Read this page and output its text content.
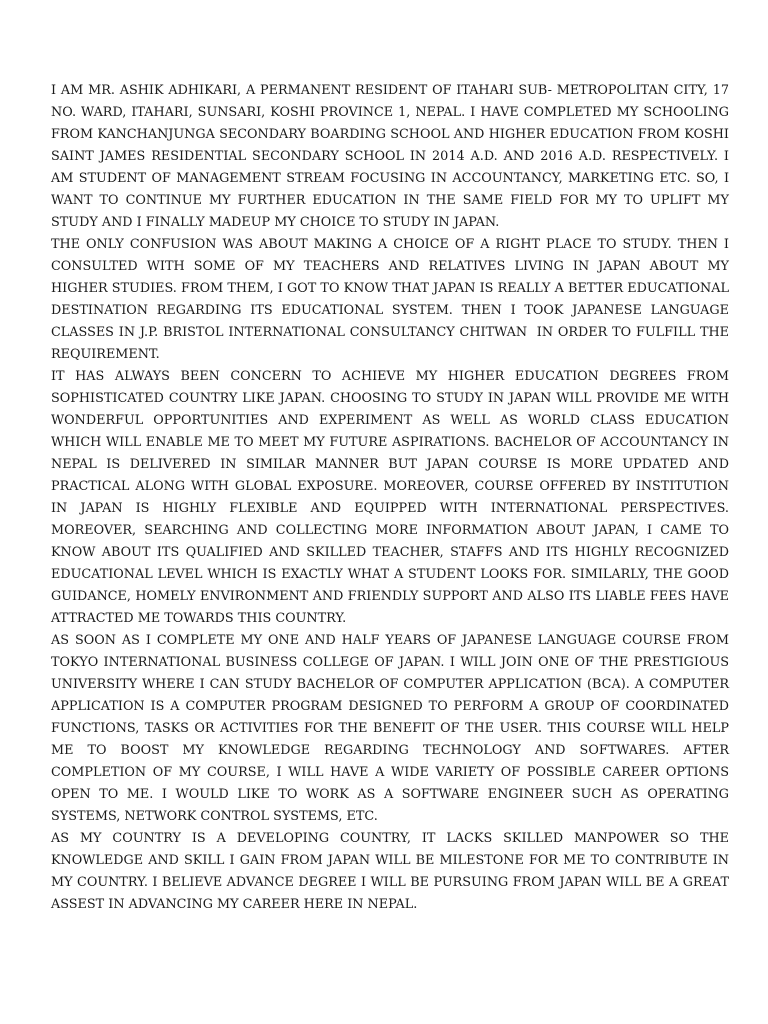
I AM MR. ASHIK ADHIKARI, A PERMANENT RESIDENT OF ITAHARI SUB- METROPOLITAN CITY, 17 NO. WARD, ITAHARI, SUNSARI, KOSHI PROVINCE 1, NEPAL. I HAVE COMPLETED MY SCHOOLING FROM KANCHANJUNGA SECONDARY BOARDING SCHOOL AND HIGHER EDUCATION FROM KOSHI SAINT JAMES RESIDENTIAL SECONDARY SCHOOL IN 2014 A.D. AND 2016 A.D. RESPECTIVELY. I AM STUDENT OF MANAGEMENT STREAM FOCUSING IN ACCOUNTANCY, MARKETING ETC. SO, I WANT TO CONTINUE MY FURTHER EDUCATION IN THE SAME FIELD FOR MY TO UPLIFT MY STUDY AND I FINALLY MADEUP MY CHOICE TO STUDY IN JAPAN.

THE ONLY CONFUSION WAS ABOUT MAKING A CHOICE OF A RIGHT PLACE TO STUDY. THEN I CONSULTED WITH SOME OF MY TEACHERS AND RELATIVES LIVING IN JAPAN ABOUT MY HIGHER STUDIES. FROM THEM, I GOT TO KNOW THAT JAPAN IS REALLY A BETTER EDUCATIONAL DESTINATION REGARDING ITS EDUCATIONAL SYSTEM. THEN I TOOK JAPANESE LANGUAGE CLASSES IN J.P. BRISTOL INTERNATIONAL CONSULTANCY CHITWAN  IN ORDER TO FULFILL THE REQUIREMENT.

IT HAS ALWAYS BEEN CONCERN TO ACHIEVE MY HIGHER EDUCATION DEGREES FROM SOPHISTICATED COUNTRY LIKE JAPAN. CHOOSING TO STUDY IN JAPAN WILL PROVIDE ME WITH WONDERFUL OPPORTUNITIES AND EXPERIMENT AS WELL AS WORLD CLASS EDUCATION WHICH WILL ENABLE ME TO MEET MY FUTURE ASPIRATIONS. BACHELOR OF ACCOUNTANCY IN NEPAL IS DELIVERED IN SIMILAR MANNER BUT JAPAN COURSE IS MORE UPDATED AND PRACTICAL ALONG WITH GLOBAL EXPOSURE. MOREOVER, COURSE OFFERED BY INSTITUTION IN JAPAN IS HIGHLY FLEXIBLE AND EQUIPPED WITH INTERNATIONAL PERSPECTIVES. MOREOVER, SEARCHING AND COLLECTING MORE INFORMATION ABOUT JAPAN, I CAME TO KNOW ABOUT ITS QUALIFIED AND SKILLED TEACHER, STAFFS AND ITS HIGHLY RECOGNIZED EDUCATIONAL LEVEL WHICH IS EXACTLY WHAT A STUDENT LOOKS FOR. SIMILARLY, THE GOOD GUIDANCE, HOMELY ENVIRONMENT AND FRIENDLY SUPPORT AND ALSO ITS LIABLE FEES HAVE ATTRACTED ME TOWARDS THIS COUNTRY.

AS SOON AS I COMPLETE MY ONE AND HALF YEARS OF JAPANESE LANGUAGE COURSE FROM TOKYO INTERNATIONAL BUSINESS COLLEGE OF JAPAN. I WILL JOIN ONE OF THE PRESTIGIOUS UNIVERSITY WHERE I CAN STUDY BACHELOR OF COMPUTER APPLICATION (BCA). A COMPUTER APPLICATION IS A COMPUTER PROGRAM DESIGNED TO PERFORM A GROUP OF COORDINATED FUNCTIONS, TASKS OR ACTIVITIES FOR THE BENEFIT OF THE USER. THIS COURSE WILL HELP ME TO BOOST MY KNOWLEDGE REGARDING TECHNOLOGY AND SOFTWARES. AFTER COMPLETION OF MY COURSE, I WILL HAVE A WIDE VARIETY OF POSSIBLE CAREER OPTIONS OPEN TO ME. I WOULD LIKE TO WORK AS A SOFTWARE ENGINEER SUCH AS OPERATING SYSTEMS, NETWORK CONTROL SYSTEMS, ETC.

AS MY COUNTRY IS A DEVELOPING COUNTRY, IT LACKS SKILLED MANPOWER SO THE KNOWLEDGE AND SKILL I GAIN FROM JAPAN WILL BE MILESTONE FOR ME TO CONTRIBUTE IN MY COUNTRY. I BELIEVE ADVANCE DEGREE I WILL BE PURSUING FROM JAPAN WILL BE A GREAT ASSEST IN ADVANCING MY CAREER HERE IN NEPAL.
